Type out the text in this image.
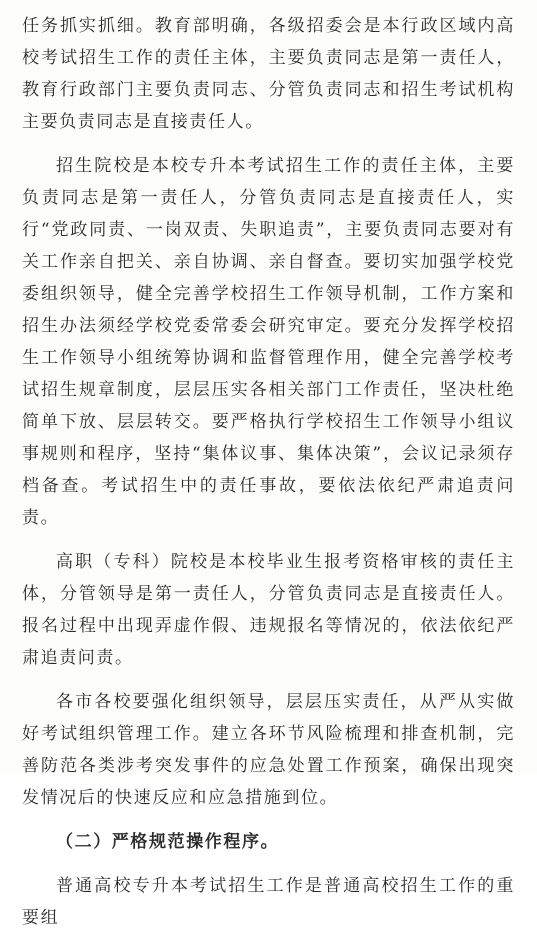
任务抓实抓细。教育部明确，各级招委会是本行政区域内高校考试招生工作的责任主体，主要负责同志是第一责任人，教育行政部门主要负责同志、分管负责同志和招生考试机构主要负责同志是直接责任人。

招生院校是本校专升本考试招生工作的责任主体，主要负责同志是第一责任人，分管负责同志是直接责任人，实行“党政同责、一岗双责、失职追责”，主要负责同志要对有关工作亲自把关、亲自协调、亲自督查。要切实加强学校党委组织领导，健全完善学校招生工作领导机制，工作方案和招生办法须经学校党委常委会研究审定。要充分发挥学校招生工作领导小组统筹协调和监督管理作用，健全完善学校考试招生规章制度，层层压实各相关部门工作责任，坚决杜绝简单下放、层层转交。要严格执行学校招生工作领导小组议事规则和程序，坚持“集体议事、集体决策”，会议记录须存档备查。考试招生中的责任事故，要依法依纪严肃追责问责。

高职（专科）院校是本校毕业生报考资格审核的责任主体，分管领导是第一责任人，分管负责同志是直接责任人。报名过程中出现弄虚作假、违规报名等情况的，依法依纪严肃追责问责。

各市各校要强化组织领导，层层压实责任，从严从实做好考试组织管理工作。建立各环节风险梳理和排查机制，完善防范各类涉考突发事件的应急处置工作预案，确保出现突发情况后的快速反应和应急措施到位。

（二）严格规范操作程序。

普通高校专升本考试招生工作是普通高校招生工作的重要组
